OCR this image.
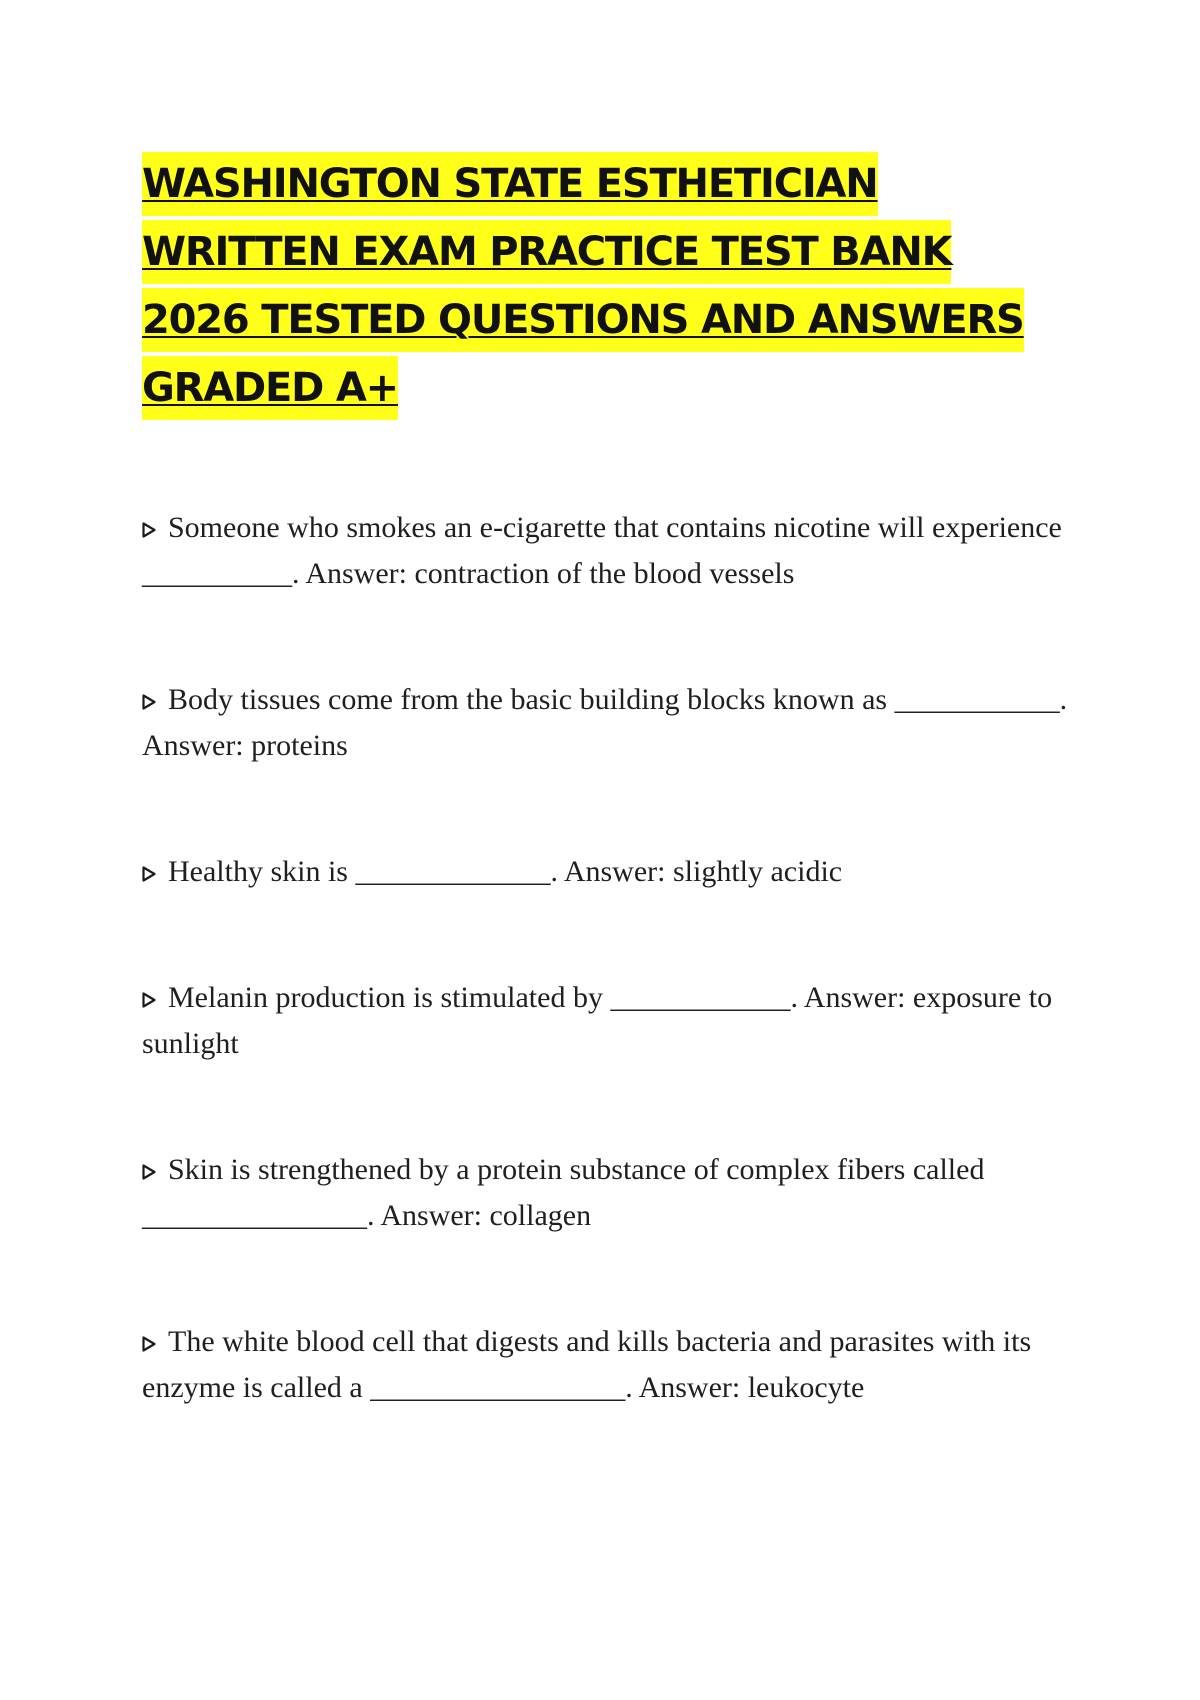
WASHINGTON STATE ESTHETICIAN
WRITTEN EXAM PRACTICE TEST BANK
2026 TESTED QUESTIONS AND ANSWERS
GRADED A+
Someone who smokes an e-cigarette that contains nicotine will experience __________. Answer: contraction of the blood vessels
Body tissues come from the basic building blocks known as ___________. Answer: proteins
Healthy skin is _____________. Answer: slightly acidic
Melanin production is stimulated by ____________. Answer: exposure to sunlight
Skin is strengthened by a protein substance of complex fibers called _______________. Answer: collagen
The white blood cell that digests and kills bacteria and parasites with its enzyme is called a _________________. Answer: leukocyte
